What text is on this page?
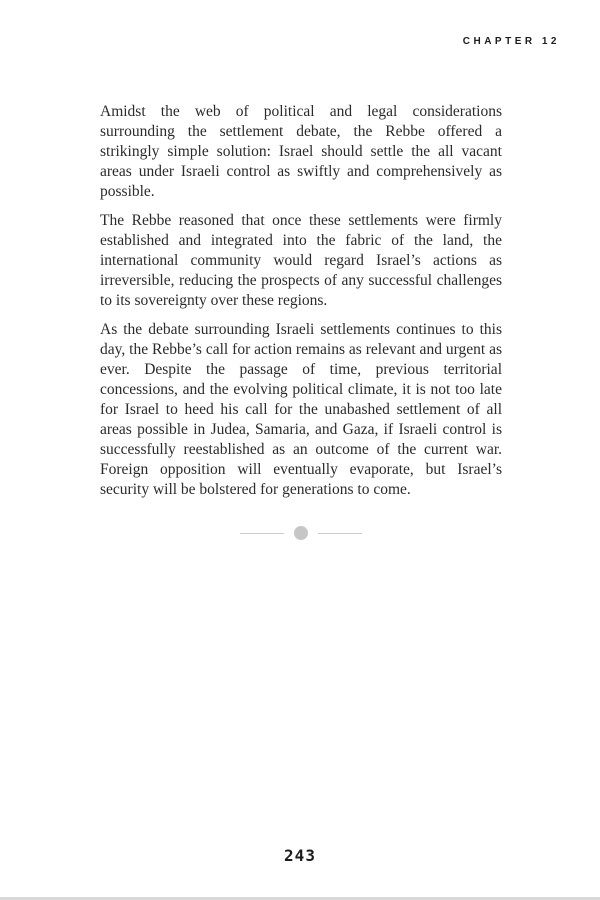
CHAPTER 12

Amidst the web of political and legal considerations surrounding the settlement debate, the Rebbe offered a strikingly simple solution: Israel should settle the all vacant areas under Israeli control as swiftly and comprehensively as possible.

The Rebbe reasoned that once these settlements were firmly established and integrated into the fabric of the land, the international community would regard Israel’s actions as irreversible, reducing the prospects of any successful challenges to its sovereignty over these regions.

As the debate surrounding Israeli settlements continues to this day, the Rebbe’s call for action remains as relevant and urgent as ever. Despite the passage of time, previous territorial concessions, and the evolving political climate, it is not too late for Israel to heed his call for the unabashed settlement of all areas possible in Judea, Samaria, and Gaza, if Israeli control is successfully reestablished as an outcome of the current war. Foreign opposition will eventually evaporate, but Israel’s security will be bolstered for generations to come.

243
